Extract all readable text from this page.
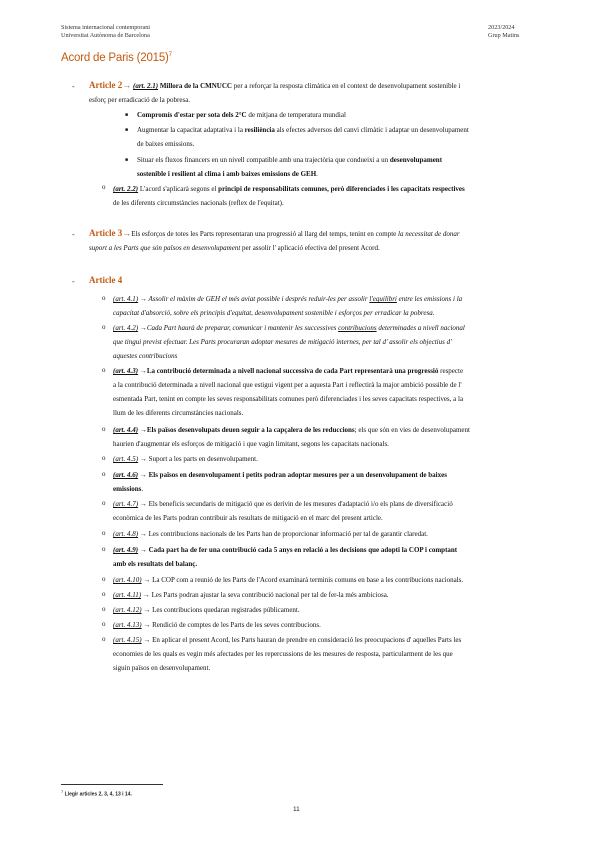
Sistema internacional contemporani
Universitat Autònoma de Barcelona
2023/2024
Grup Matins
Acord de Paris $(2015)^7$
- Article 2→ (art. 2.1) Millora de la CMNUCC per a reforçar la resposta climàtica en el context de desenvolupament sostenible i
esforç per erradicació de la pobresa.
■ Compromís d'estar per sota dels 2°C de mitjana de temperatura mundial
■ Augmentar la capacitat adaptativa i la resiliència als efectes adversos del canvi climàtic i adaptar un desenvolupament
de baixes emissions.
■ Situar els fluxos financers en un nivell compatible amb una trajectòria que condueixi a un desenvolupament
sostenible i resilient al clima i amb baixes emissions de GEH.
o (art. 2.2) L'acord s'aplicarà segons el principi de responsabilitats comunes, però diferenciades i les capacitats respectives
de les diferents circumstàncies nacionals (reflex de l'equitat).
- Article 3→Els esforços de totes les Parts representaran una progressió al llarg del temps, tenint en compte la necessitat de donar
suport a les Parts que són països en desenvolupament per assolir l' aplicació efectiva del present Acord.
- Article 4
o (art. 4.1) → Assolir el màxim de GEH el més aviat possible i després reduir-les per assolir l'equilibri entre les emissions i la
capacitat d'absorció, sobre els principis d'equitat, desenvolupament sostenible i esforços per erradicar la pobresa.
o (art. 4.2) →Cada Part haurà de preparar, comunicar i mantenir les successives contribucions determinades a nivell nacional
que tingui previst efectuar. Les Parts procuraran adoptar mesures de mitigació internes, per tal d' assolir els objectius d'
aquestes contribucions
o (art. 4.3) →La contribució determinada a nivell nacional successiva de cada Part representarà una progressió respecte
a la contribució determinada a nivell nacional que estigui vigent per a aquesta Part i reflectirà la major ambició possible de l'
esmentada Part, tenint en compte les seves responsabilitats comunes però diferenciades i les seves capacitats respectives, a la
llum de les diferents circumstàncies nacionals.
o (art. 4.4) →Els països desenvolupats deuen seguir a la capçalera de les reduccions; els que són en vies de desenvolupament
haurien d'augmentar els esforços de mitigació i que vagin limitant, segons les capacitats nacionals.
o (art. 4.5) → Suport a les parts en desenvolupament.
o (art. 4.6) → Els països en desenvolupament i petits podran adoptar mesures per a un desenvolupament de baixes
emissions.
o (art. 4.7) → Els beneficis secundaris de mitigació que es derivin de les mesures d'adaptació i/o els plans de diversificació
econòmica de les Parts podran contribuir als resultats de mitigació en el marc del present article.
o (art. 4.8) → Les contribucions nacionals de les Parts han de proporcionar informació per tal de garantir claredat.
o (art. 4.9) → Cada part ha de fer una contribució cada 5 anys en relació a les decisions que adopti la COP i comptant
amb els resultats del balanç.
o (art. 4.10) → La COP com a reunió de les Parts de l'Acord examinarà terminis comuns en base a les contribucions nacionals.
o (art. 4.11) → Les Parts podran ajustar la seva contribució nacional per tal de fer-la més ambiciosa.
o (art. 4.12) → Les contribucions quedaran registrades públicament.
o (art. 4.13) → Rendició de comptes de les Parts de les seves contribucions.
o (art. 4.15) → En aplicar el present Acord, les Parts hauran de prendre en consideració les preocupacions d' aquelles Parts les
economies de les quals es vegin més afectades per les repercussions de les mesures de resposta, particularment de les que
siguin països en desenvolupament.
$^7$ Llegir articles 2, 3, 4, 13 i 14.
11
